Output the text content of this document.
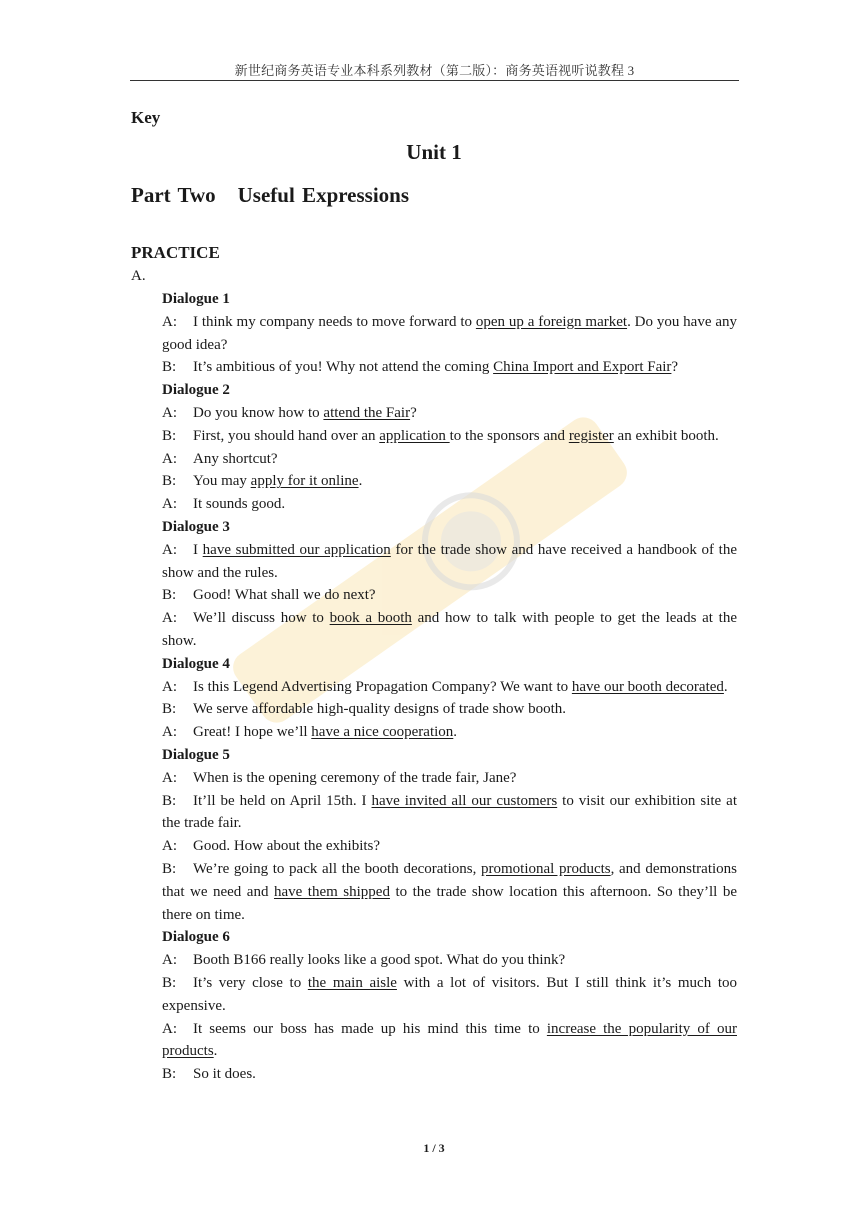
新世纪商务英语专业本科系列教材（第二版）：商务英语视听说教程 3
Key
Unit 1
Part Two Useful Expressions
PRACTICE
A.
Dialogue 1
A: I think my company needs to move forward to open up a foreign market. Do you have any good idea?
B: It’s ambitious of you! Why not attend the coming China Import and Export Fair?
Dialogue 2
A: Do you know how to attend the Fair?
B: First, you should hand over an application to the sponsors and register an exhibit booth.
A: Any shortcut?
B: You may apply for it online.
A: It sounds good.
Dialogue 3
A: I have submitted our application for the trade show and have received a handbook of the show and the rules.
B: Good! What shall we do next?
A: We’ll discuss how to book a booth and how to talk with people to get the leads at the show.
Dialogue 4
A: Is this Legend Advertising Propagation Company? We want to have our booth decorated.
B: We serve affordable high-quality designs of trade show booth.
A: Great! I hope we’ll have a nice cooperation.
Dialogue 5
A: When is the opening ceremony of the trade fair, Jane?
B: It’ll be held on April 15th. I have invited all our customers to visit our exhibition site at the trade fair.
A: Good. How about the exhibits?
B: We’re going to pack all the booth decorations, promotional products, and demonstrations that we need and have them shipped to the trade show location this afternoon. So they’ll be there on time.
Dialogue 6
A: Booth B166 really looks like a good spot. What do you think?
B: It’s very close to the main aisle with a lot of visitors. But I still think it’s much too expensive.
A: It seems our boss has made up his mind this time to increase the popularity of our products.
B: So it does.
1 / 3
